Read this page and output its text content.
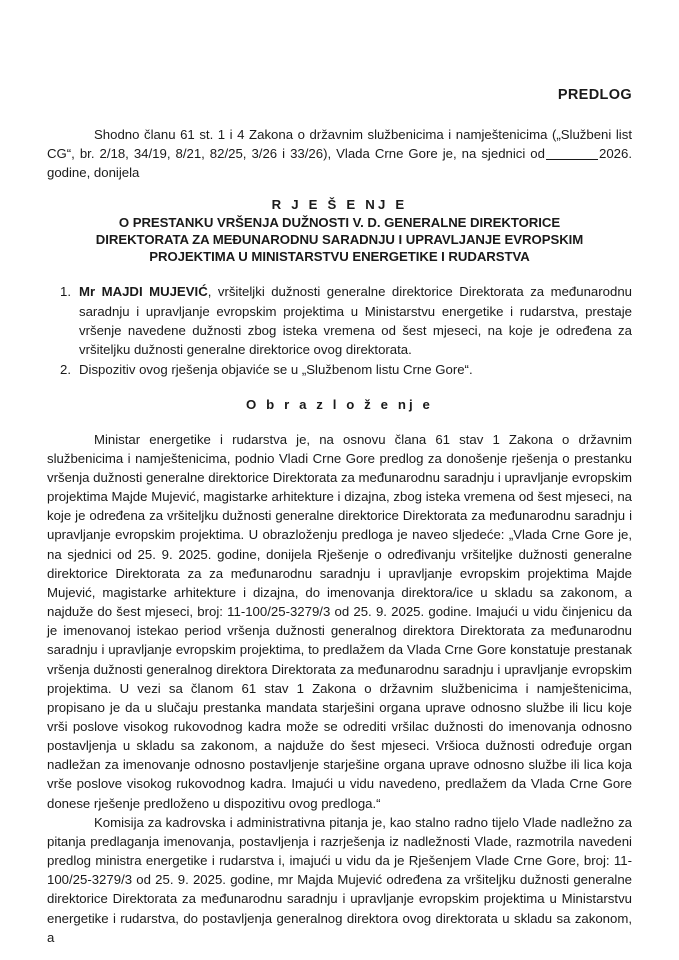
PREDLOG
Shodno članu 61 st. 1 i 4 Zakona o državnim službenicima i namještenicima („Službeni list CG“, br. 2/18, 34/19, 8/21, 82/25, 3/26 i 33/26), Vlada Crne Gore je, na sjednici od	2026. godine, donijela
R J E Š E NJ E
O PRESTANKU VRŠENJA DUŽNOSTI V. D. GENERALNE DIREKTORICE
DIREKTORATA ZA MEĐUNARODNU SARADNJU I UPRAVLJANJE EVROPSKIM
PROJEKTIMA U MINISTARSTVU ENERGETIKE I RUDARSTVA
1. Mr MAJDI MUJEVIĆ, vršiteljki dužnosti generalne direktorice Direktorata za međunarodnu saradnju i upravljanje evropskim projektima u Ministarstvu energetike i rudarstva, prestaje vršenje navedene dužnosti zbog isteka vremena od šest mjeseci, na koje je određena za vršiteljku dužnosti generalne direktorice ovog direktorata.
2. Dispozitiv ovog rješenja objaviće se u „Službenom listu Crne Gore“.
O b r a z l o ž e nj e

Ministar energetike i rudarstva je, na osnovu člana 61 stav 1 Zakona o državnim službenicima i namještenicima, podnio Vladi Crne Gore predlog za donošenje rješenja o prestanku vršenja dužnosti generalne direktorice Direktorata za međunarodnu saradnju i upravljanje evropskim projektima Majde Mujević, magistarke arhitekture i dizajna, zbog isteka vremena od šest mjeseci, na koje je određena za vršiteljku dužnosti generalne direktorice Direktorata za međunarodnu saradnju i upravljanje evropskim projektima. U obrazloženju predloga je naveo sljedeće: „Vlada Crne Gore je, na sjednici od 25. 9. 2025. godine, donijela Rješenje o određivanju vršiteljke dužnosti generalne direktorice Direktorata za za međunarodnu saradnju i upravljanje evropskim projektima Majde Mujević, magistarke arhitekture i dizajna, do imenovanja direktora/ice u skladu sa zakonom, a najduže do šest mjeseci, broj: 11-100/25-3279/3 od 25. 9. 2025. godine. Imajući u vidu činjenicu da je imenovanoj istekao period vršenja dužnosti generalnog direktora Direktorata za međunarodnu saradnju i upravljanje evropskim projektima, to predlažem da Vlada Crne Gore konstatuje prestanak vršenja dužnosti generalnog direktora Direktorata za međunarodnu saradnju i upravljanje evropskim projektima. U vezi sa članom 61 stav 1 Zakona o državnim službenicima i namještenicima, propisano je da u slučaju prestanka mandata starješini organa uprave odnosno službe ili licu koje vrši poslove visokog rukovodnog kadra može se odrediti vršilac dužnosti do imenovanja odnosno postavljenja u skladu sa zakonom, a najduže do šest mjeseci. Vršioca dužnosti određuje organ nadležan za imenovanje odnosno postavljenje starješine organa uprave odnosno službe ili lica koja vrše poslove visokog rukovodnog kadra. Imajući u vidu navedeno, predlažem da Vlada Crne Gore donese rješenje predloženo u dispozitivu ovog predloga.“

Komisija za kadrovska i administrativna pitanja je, kao stalno radno tijelo Vlade nadležno za pitanja predlaganja imenovanja, postavljenja i razrješenja iz nadležnosti Vlade, razmotrila navedeni predlog ministra energetike i rudarstva i, imajući u vidu da je Rješenjem Vlade Crne Gore, broj: 11-100/25-3279/3 od 25. 9. 2025. godine, mr Majda Mujević određena za vršiteljku dužnosti generalne direktorice Direktorata za međunarodnu saradnju i upravljanje evropskim projektima u Ministarstvu energetike i rudarstva, do postavljenja generalnog direktora ovog direktorata u skladu sa zakonom, a
